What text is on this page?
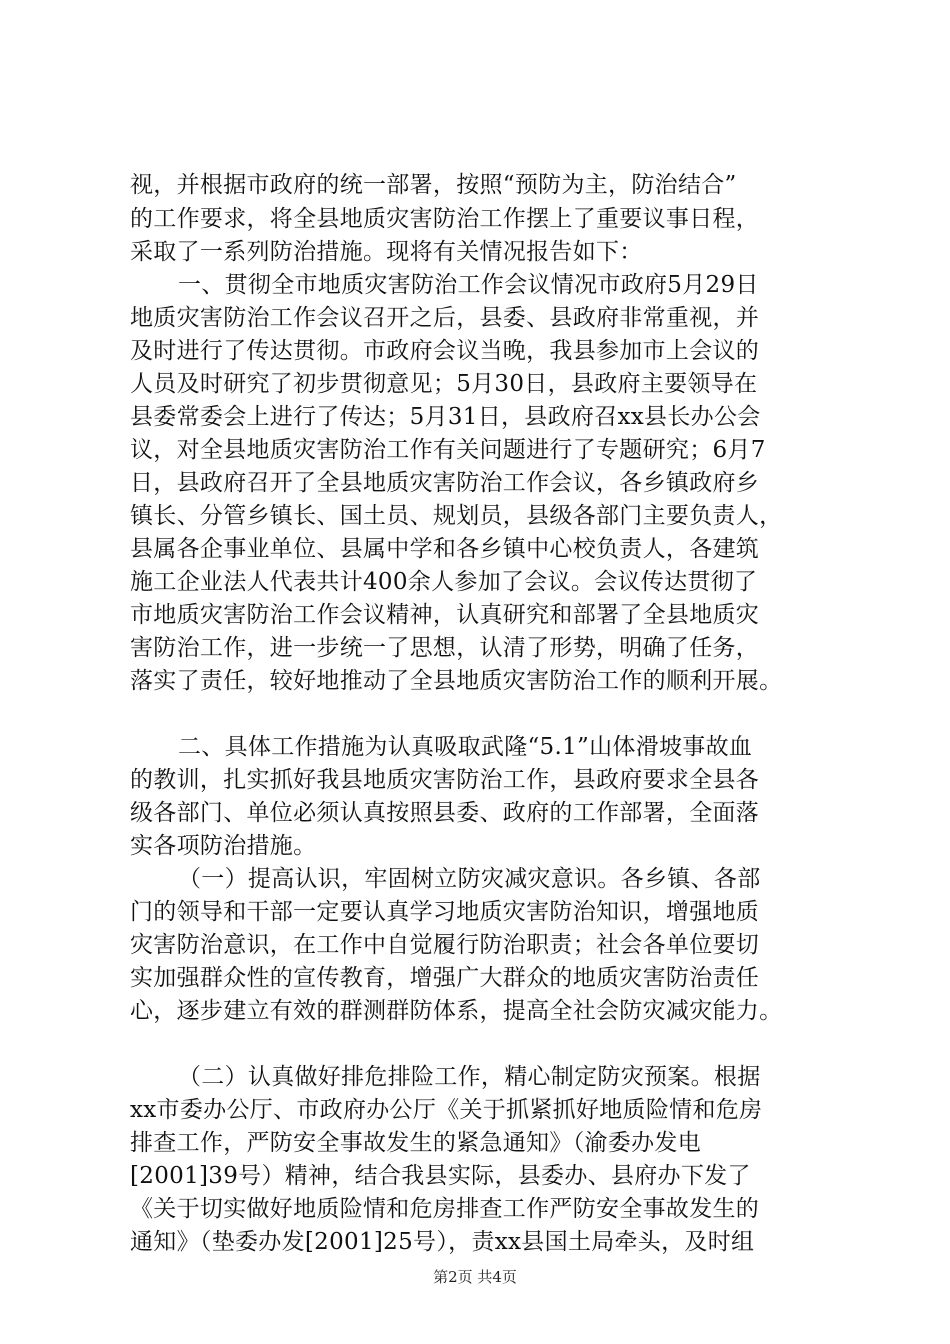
视，并根据市政府的统一部署，按照“预防为主，防治结合”
的工作要求，将全县地质灾害防治工作摆上了重要议事日程，
采取了一系列防治措施。现将有关情况报告如下：
一、贯彻全市地质灾害防治工作会议情况市政府5月29日
地质灾害防治工作会议召开之后，县委、县政府非常重视，并
及时进行了传达贯彻。市政府会议当晚，我县参加市上会议的
人员及时研究了初步贯彻意见；5月30日，县政府主要领导在
县委常委会上进行了传达；5月31日，县政府召xx县长办公会
议，对全县地质灾害防治工作有关问题进行了专题研究；6月7
日，县政府召开了全县地质灾害防治工作会议，各乡镇政府乡
镇长、分管乡镇长、国土员、规划员，县级各部门主要负责人，
县属各企事业单位、县属中学和各乡镇中心校负责人，各建筑
施工企业法人代表共计400余人参加了会议。会议传达贯彻了
市地质灾害防治工作会议精神，认真研究和部署了全县地质灾
害防治工作，进一步统一了思想，认清了形势，明确了任务，
落实了责任，较好地推动了全县地质灾害防治工作的顺利开展。
二、具体工作措施为认真吸取武隆“5.1”山体滑坡事故血
的教训，扎实抓好我县地质灾害防治工作，县政府要求全县各
级各部门、单位必须认真按照县委、政府的工作部署，全面落
实各项防治措施。
（一）提高认识，牢固树立防灾减灾意识。各乡镇、各部
门的领导和干部一定要认真学习地质灾害防治知识，增强地质
灾害防治意识，在工作中自觉履行防治职责；社会各单位要切
实加强群众性的宣传教育，增强广大群众的地质灾害防治责任
心，逐步建立有效的群测群防体系，提高全社会防灾减灾能力。
（二）认真做好排危排险工作，精心制定防灾预案。根据
xx市委办公厅、市政府办公厅《关于抓紧抓好地质险情和危房
排查工作，严防安全事故发生的紧急通知》（渝委办发电
[2001]39号）精神，结合我县实际，县委办、县府办下发了
《关于切实做好地质险情和危房排查工作严防安全事故发生的
通知》（垫委办发[2001]25号），责xx县国土局牵头，及时组
第2页 共4页
